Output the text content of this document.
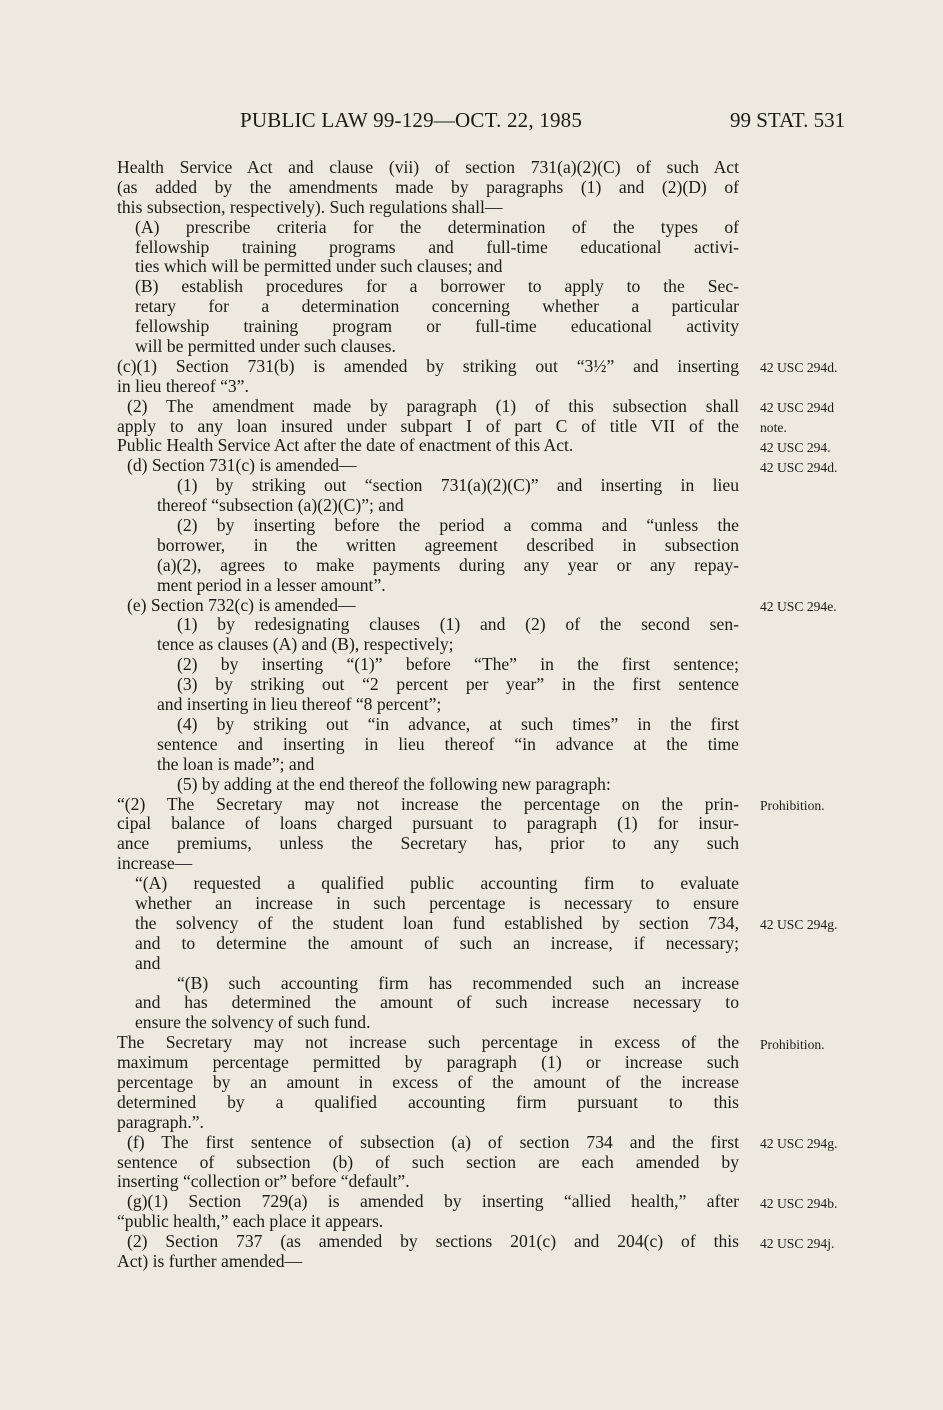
PUBLIC LAW 99-129—OCT. 22, 1985	99 STAT. 531
Health Service Act and clause (vii) of section 731(a)(2)(C) of such Act
(as added by the amendments made by paragraphs (1) and (2)(D) of
this subsection, respectively). Such regulations shall—
(A) prescribe criteria for the determination of the types of
fellowship training programs and full-time educational activi-
ties which will be permitted under such clauses; and
(B) establish procedures for a borrower to apply to the Sec-
retary for a determination concerning whether a particular
fellowship training program or full-time educational activity
will be permitted under such clauses.
(c)(1) Section 731(b) is amended by striking out “3½” and inserting
in lieu thereof “3”.
(2) The amendment made by paragraph (1) of this subsection shall
apply to any loan insured under subpart I of part C of title VII of the
Public Health Service Act after the date of enactment of this Act.
(d) Section 731(c) is amended—
(1) by striking out “section 731(a)(2)(C)” and inserting in lieu
thereof “subsection (a)(2)(C)”; and
(2) by inserting before the period a comma and “unless the
borrower, in the written agreement described in subsection
(a)(2), agrees to make payments during any year or any repay-
ment period in a lesser amount”.
(e) Section 732(c) is amended—
(1) by redesignating clauses (1) and (2) of the second sen-
tence as clauses (A) and (B), respectively;
(2) by inserting “(1)” before “The” in the first sentence;
(3) by striking out “2 percent per year” in the first sentence
and inserting in lieu thereof “8 percent”;
(4) by striking out “in advance, at such times” in the first
sentence and inserting in lieu thereof “in advance at the time
the loan is made”; and
(5) by adding at the end thereof the following new paragraph:
“(2) The Secretary may not increase the percentage on the prin-
cipal balance of loans charged pursuant to paragraph (1) for insur-
ance premiums, unless the Secretary has, prior to any such
increase—
“(A) requested a qualified public accounting firm to evaluate
whether an increase in such percentage is necessary to ensure
the solvency of the student loan fund established by section 734,
and to determine the amount of such an increase, if necessary;
and
“(B) such accounting firm has recommended such an increase
and has determined the amount of such increase necessary to
ensure the solvency of such fund.
The Secretary may not increase such percentage in excess of the
maximum percentage permitted by paragraph (1) or increase such
percentage by an amount in excess of the amount of the increase
determined by a qualified accounting firm pursuant to this
paragraph.”.
(f) The first sentence of subsection (a) of section 734 and the first
sentence of subsection (b) of such section are each amended by
inserting “collection or” before “default”.
(g)(1) Section 729(a) is amended by inserting “allied health,” after
“public health,” each place it appears.
(2) Section 737 (as amended by sections 201(c) and 204(c) of this
Act) is further amended—
42 USC 294d.
42 USC 294d
note.
42 USC 294.
42 USC 294d.
42 USC 294e.
Prohibition.
42 USC 294g.
Prohibition.
42 USC 294g.
42 USC 294b.
42 USC 294j.
